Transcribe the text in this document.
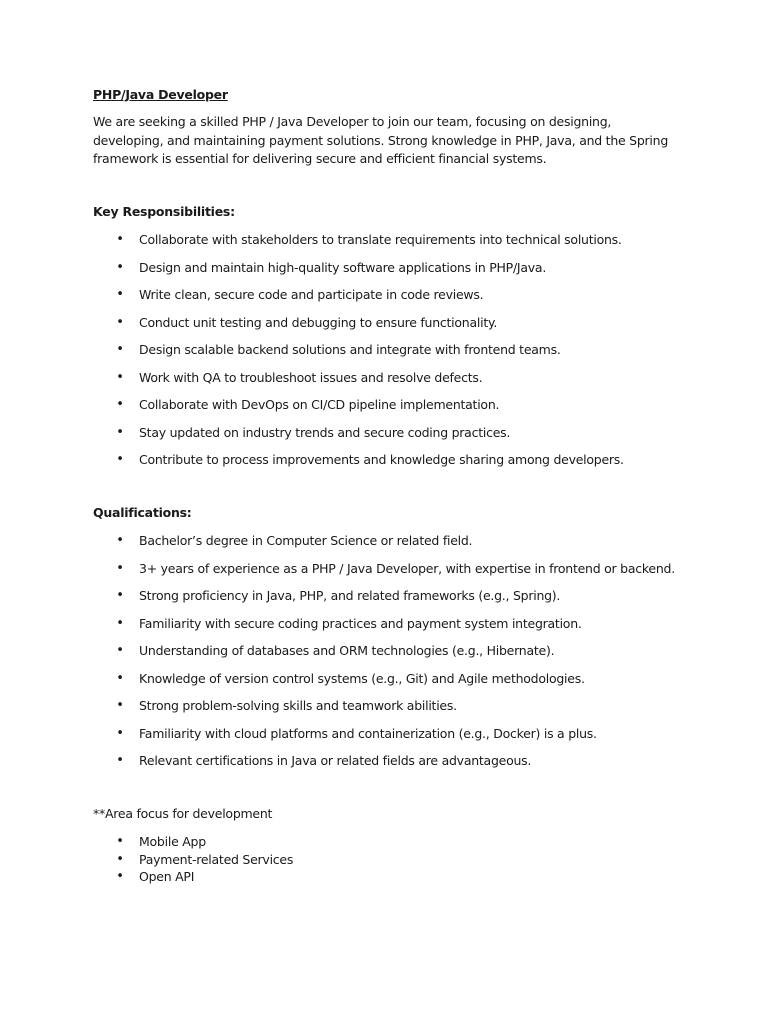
PHP/Java Developer

We are seeking a skilled PHP / Java Developer to join our team, focusing on designing, developing, and maintaining payment solutions. Strong knowledge in PHP, Java, and the Spring framework is essential for delivering secure and efficient financial systems.

Key Responsibilities:
• Collaborate with stakeholders to translate requirements into technical solutions.
• Design and maintain high-quality software applications in PHP/Java.
• Write clean, secure code and participate in code reviews.
• Conduct unit testing and debugging to ensure functionality.
• Design scalable backend solutions and integrate with frontend teams.
• Work with QA to troubleshoot issues and resolve defects.
• Collaborate with DevOps on CI/CD pipeline implementation.
• Stay updated on industry trends and secure coding practices.
• Contribute to process improvements and knowledge sharing among developers.
Qualifications:
• Bachelor’s degree in Computer Science or related field.
• 3+ years of experience as a PHP / Java Developer, with expertise in frontend or backend.
• Strong proficiency in Java, PHP, and related frameworks (e.g., Spring).
• Familiarity with secure coding practices and payment system integration.
• Understanding of databases and ORM technologies (e.g., Hibernate).
• Knowledge of version control systems (e.g., Git) and Agile methodologies.
• Strong problem-solving skills and teamwork abilities.
• Familiarity with cloud platforms and containerization (e.g., Docker) is a plus.
• Relevant certifications in Java or related fields are advantageous.
**Area focus for development
• Mobile App
• Payment-related Services
• Open API
